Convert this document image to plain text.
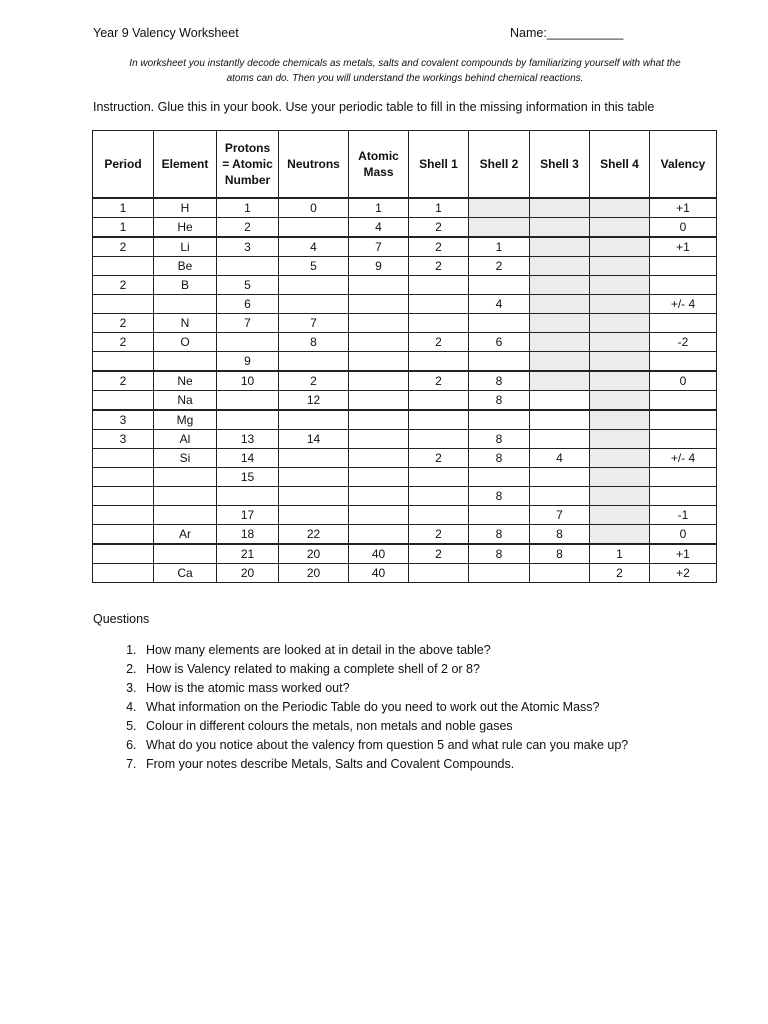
Year 9 Valency Worksheet	Name:___________
In worksheet you instantly decode chemicals as metals, salts and covalent compounds by familiarizing yourself with what the atoms can do. Then you will understand the workings behind chemical reactions.
Instruction. Glue this in your book. Use your periodic table to fill in the missing information in this table
Period	Element	Protons = Atomic Number	Neutrons	Atomic Mass	Shell 1	Shell 2	Shell 3	Shell 4	Valency
1	H	1	0	1	1				+1
1	He	2		4	2				0
2	Li	3	4	7	2	1			+1
	Be		5	9	2	2			
2	B	5							
		6				4			+/- 4
2	N	7	7						
2	O		8		2	6			-2
		9							
2	Ne	10	2		2	8			0
	Na		12			8			
3	Mg								
3	Al	13	14			8			
	Si	14			2	8	4		+/- 4
		15							
						8			
		17					7		-1
	Ar	18	22		2	8	8		0
		21	20	40	2	8	8	1	+1
	Ca	20	20	40				2	+2
Questions
1. How many elements are looked at in detail in the above table?
2. How is Valency related to making a complete shell of 2 or 8?
3. How is the atomic mass worked out?
4. What information on the Periodic Table do you need to work out the Atomic Mass?
5. Colour in different colours the metals, non metals and noble gases
6. What do you notice about the valency from question 5 and what rule can you make up?
7. From your notes describe Metals, Salts and Covalent Compounds.
